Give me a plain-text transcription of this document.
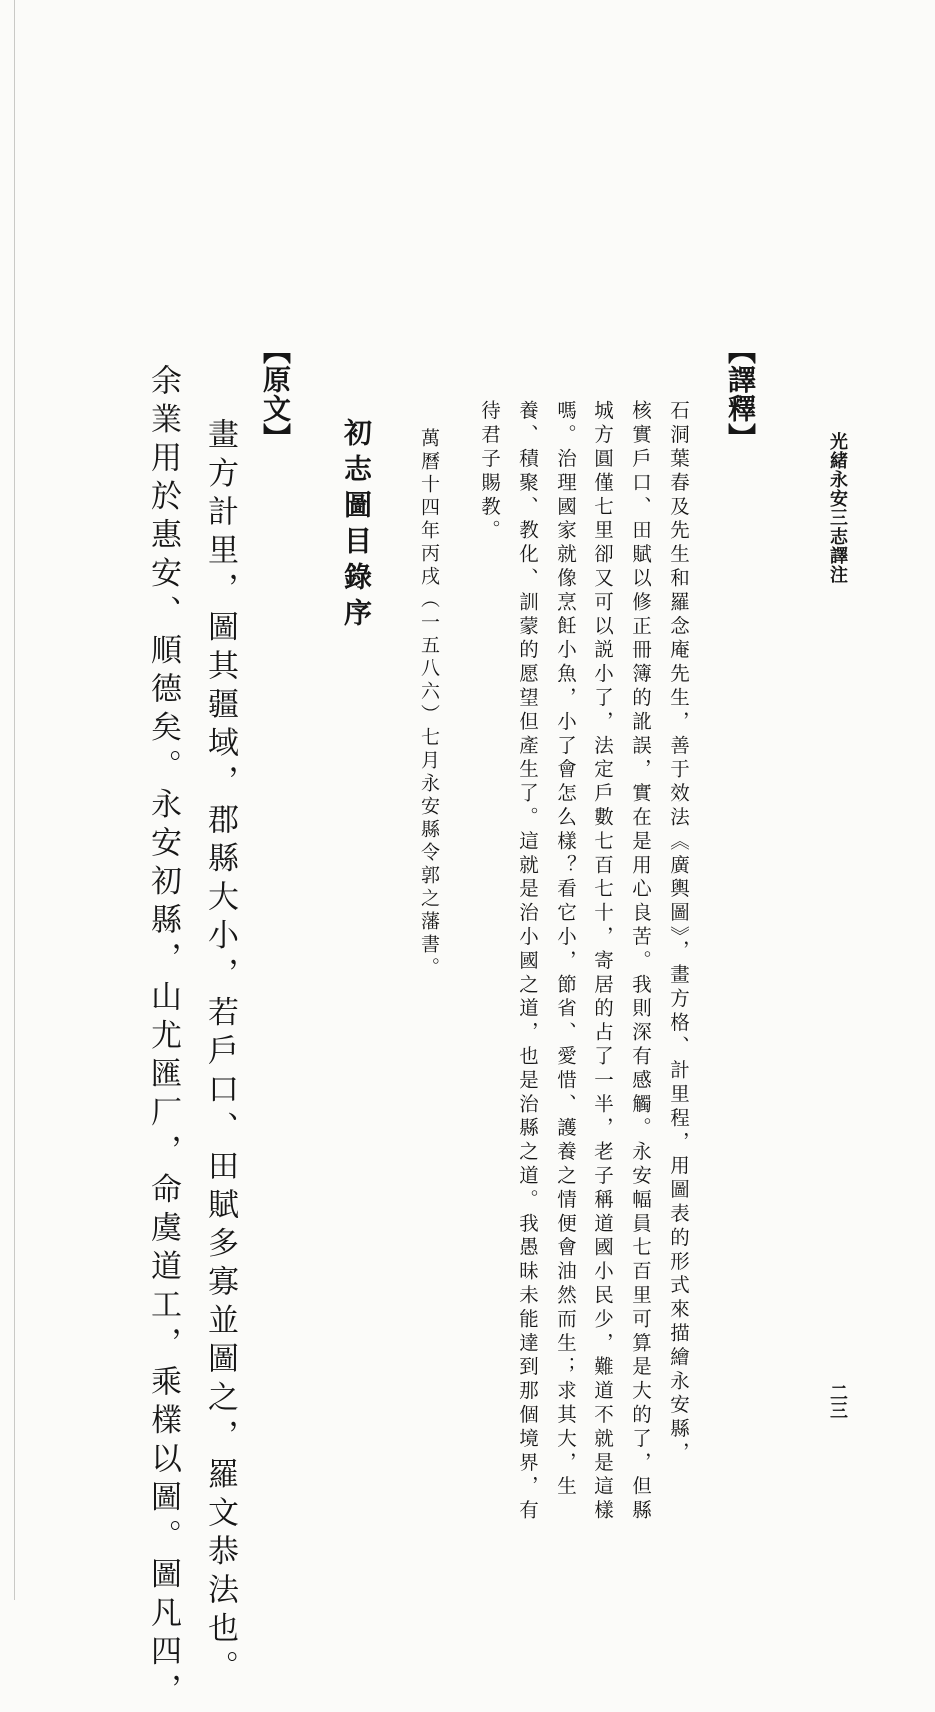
光緒永安三志譯注
二三
【譯釋】
石洞葉春及先生和羅念庵先生，善于效法《廣輿圖》，畫方格、計里程，用圖表的形式來描繪永安縣，
核實戶口、田賦以修正冊簿的訛誤，實在是用心良苦。我則深有感觸。永安幅員七百里可算是大的了，但縣
城方圓僅七里卻又可以説小了，法定戶數七百七十，寄居的占了一半，老子稱道國小民少，難道不就是這樣
嗎。治理國家就像烹飪小魚，小了會怎么樣？看它小，節省、愛惜、護養之情便會油然而生；求其大，生
養、積聚、教化、訓蒙的愿望但產生了。這就是治小國之道，也是治縣之道。我愚昧未能達到那個境界，有
待君子賜教。
萬曆十四年丙戌（一五八六）七月永安縣令郭之藩書。
初志圖目錄序
【原文】
畫方計里，圖其疆域，郡縣大小，若戶口、田賦多寡並圖之，羅文恭法也。
余業用於惠安、順德矣。永安初縣，山尤匯厂，命虞道工，乘檏以圖。圖凡四，
